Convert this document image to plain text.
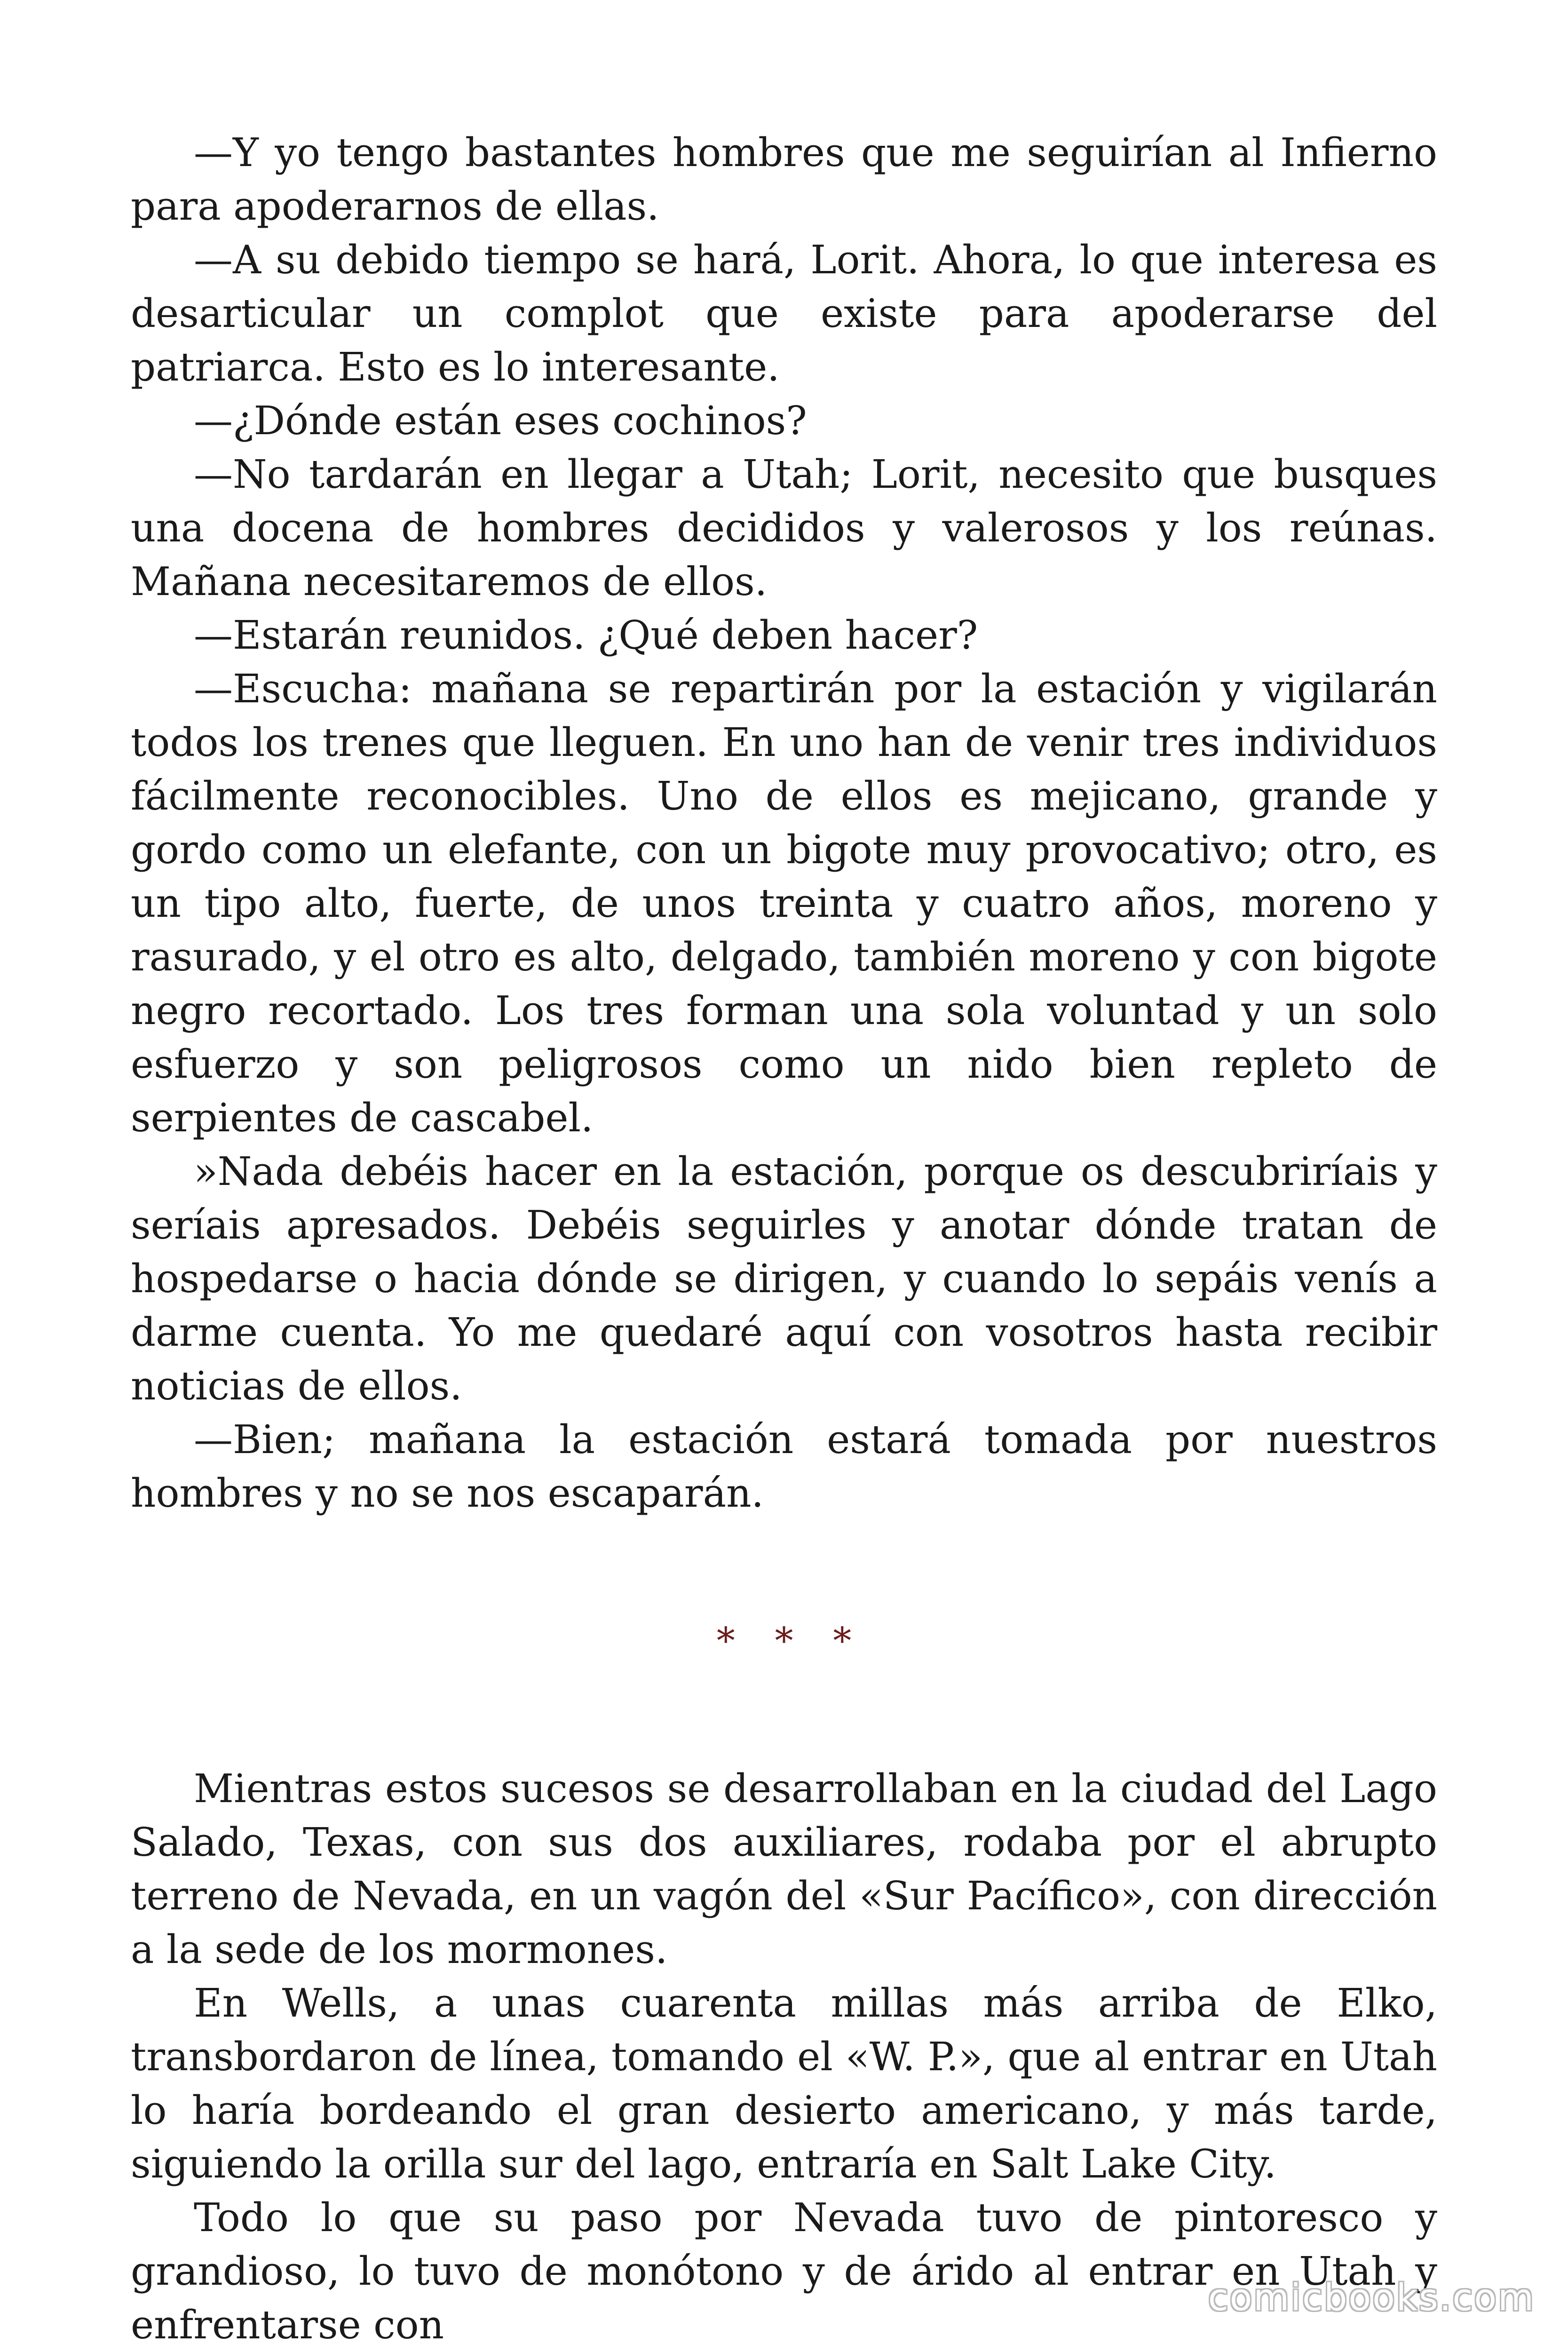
—Y yo tengo bastantes hombres que me seguirían al Infierno para apoderarnos de ellas.

—A su debido tiempo se hará, Lorit. Ahora, lo que interesa es desarticular un complot que existe para apoderarse del patriarca. Esto es lo interesante.

—¿Dónde están eses cochinos?

—No tardarán en llegar a Utah; Lorit, necesito que busques una docena de hombres decididos y valerosos y los reúnas. Mañana necesitaremos de ellos.

—Estarán reunidos. ¿Qué deben hacer?

—Escucha: mañana se repartirán por la estación y vigilarán todos los trenes que lleguen. En uno han de venir tres individuos fácilmente reconocibles. Uno de ellos es mejicano, grande y gordo como un elefante, con un bigote muy provocativo; otro, es un tipo alto, fuerte, de unos treinta y cuatro años, moreno y rasurado, y el otro es alto, delgado, también moreno y con bigote negro recortado. Los tres forman una sola voluntad y un solo esfuerzo y son peligrosos como un nido bien repleto de serpientes de cascabel.

»Nada debéis hacer en la estación, porque os descubriríais y seríais apresados. Debéis seguirles y anotar dónde tratan de hospedarse o hacia dónde se dirigen, y cuando lo sepáis venís a darme cuenta. Yo me quedaré aquí con vosotros hasta recibir noticias de ellos.

—Bien; mañana la estación estará tomada por nuestros hombres y no se nos escaparán.

* * *

Mientras estos sucesos se desarrollaban en la ciudad del Lago Salado, Texas, con sus dos auxiliares, rodaba por el abrupto terreno de Nevada, en un vagón del «Sur Pacífico», con dirección a la sede de los mormones.

En Wells, a unas cuarenta millas más arriba de Elko, transbordaron de línea, tomando el «W. P.», que al entrar en Utah lo haría bordeando el gran desierto americano, y más tarde, siguiendo la orilla sur del lago, entraría en Salt Lake City.

Todo lo que su paso por Nevada tuvo de pintoresco y grandioso, lo tuvo de monótono y de árido al entrar en Utah y enfrentarse con

comicbooks.com
